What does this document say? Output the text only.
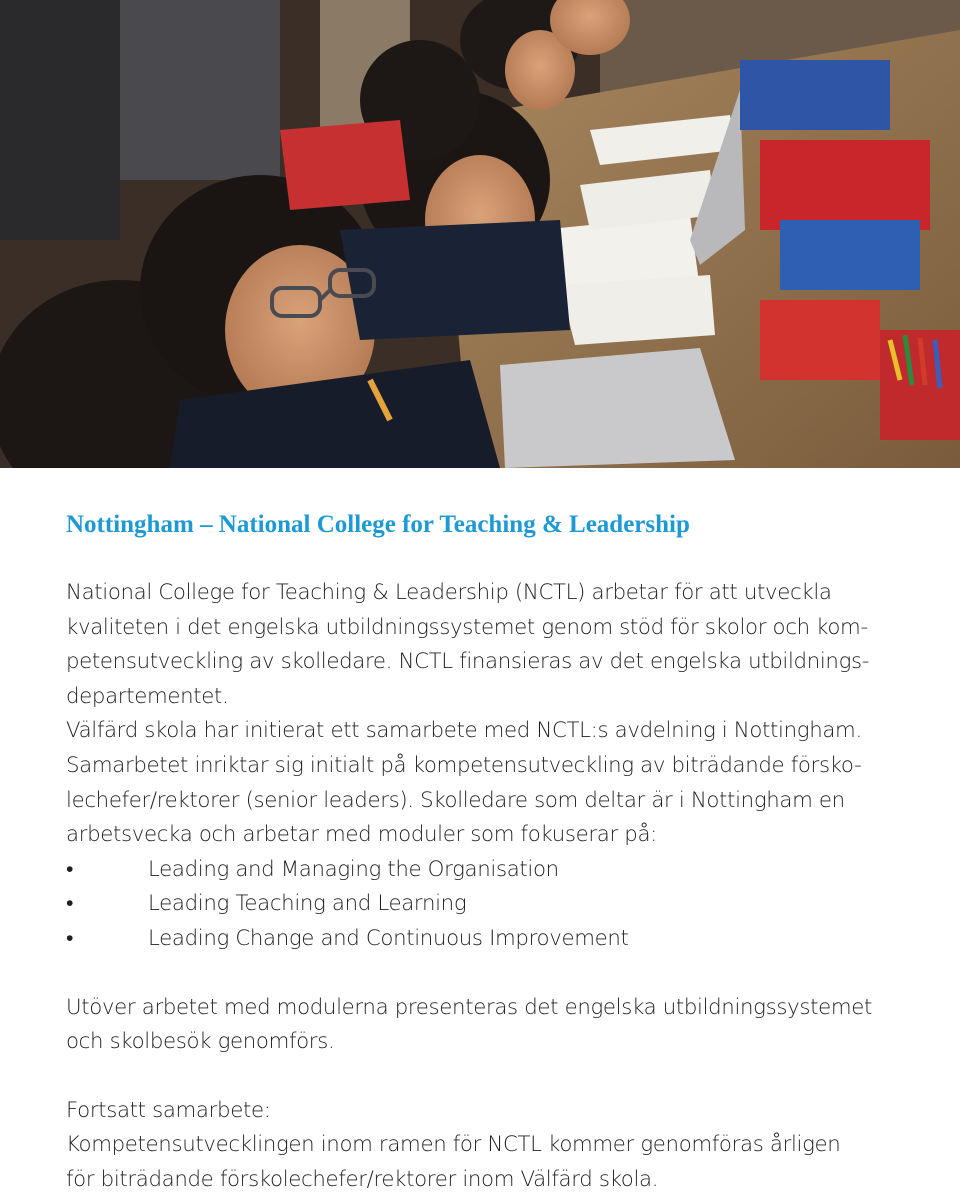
Nottingham – National College for Teaching & Leadership

National College for Teaching & Leadership (NCTL) arbetar för att utveckla
kvaliteten i det engelska utbildningssystemet genom stöd för skolor och kom-
petensutveckling av skolledare. NCTL finansieras av det engelska utbildnings-
departementet.

Välfärd skola har initierat ett samarbete med NCTL:s avdelning i Nottingham.
Samarbetet inriktar sig initialt på kompetensutveckling av biträdande försko-
lechefer/rektorer (senior leaders). Skolledare som deltar är i Nottingham en
arbetsvecka och arbetar med moduler som fokuserar på:

•	Leading and Managing the Organisation
•	Leading Teaching and Learning
•	Leading Change and Continuous Improvement

Utöver arbetet med modulerna presenteras det engelska utbildningssystemet
och skolbesök genomförs.

Fortsatt samarbete:
Kompetensutvecklingen inom ramen för NCTL kommer genomföras årligen
för biträdande förskolechefer/rektorer inom Välfärd skola.
